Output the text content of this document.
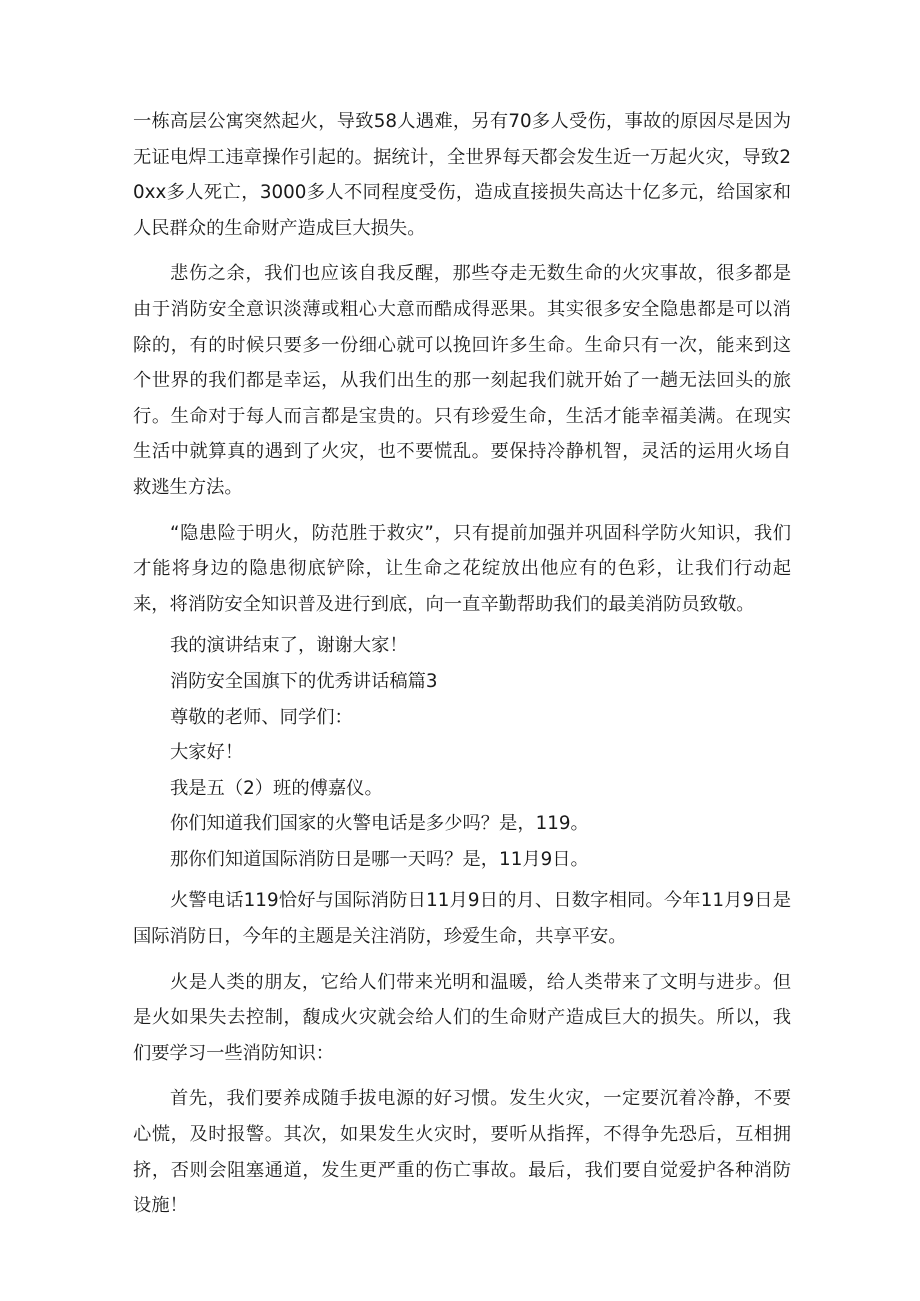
一栋高层公寓突然起火，导致58人遇难，另有70多人受伤，事故的原因尽是因为无证电焊工违章操作引起的。据统计，全世界每天都会发生近一万起火灾，导致20xx多人死亡，3000多人不同程度受伤，造成直接损失高达十亿多元，给国家和人民群众的生命财产造成巨大损失。

悲伤之余，我们也应该自我反醒，那些夺走无数生命的火灾事故，很多都是由于消防安全意识淡薄或粗心大意而酷成得恶果。其实很多安全隐患都是可以消除的，有的时候只要多一份细心就可以挽回许多生命。生命只有一次，能来到这个世界的我们都是幸运，从我们出生的那一刻起我们就开始了一趟无法回头的旅行。生命对于每人而言都是宝贵的。只有珍爱生命，生活才能幸福美满。在现实生活中就算真的遇到了火灾，也不要慌乱。要保持冷静机智，灵活的运用火场自救逃生方法。

“隐患险于明火，防范胜于救灾”，只有提前加强并巩固科学防火知识，我们才能将身边的隐患彻底铲除，让生命之花绽放出他应有的色彩，让我们行动起来，将消防安全知识普及进行到底，向一直辛勤帮助我们的最美消防员致敬。

我的演讲结束了，谢谢大家！

消防安全国旗下的优秀讲话稿篇3

尊敬的老师、同学们：

大家好！

我是五（2）班的傅嘉仪。

你们知道我们国家的火警电话是多少吗？是，119。

那你们知道国际消防日是哪一天吗？是，11月9日。

火警电话119恰好与国际消防日11月9日的月、日数字相同。今年11月9日是国际消防日，今年的主题是关注消防，珍爱生命，共享平安。

火是人类的朋友，它给人们带来光明和温暖，给人类带来了文明与进步。但是火如果失去控制，馥成火灾就会给人们的生命财产造成巨大的损失。所以，我们要学习一些消防知识：

首先，我们要养成随手拔电源的好习惯。发生火灾，一定要沉着冷静，不要心慌，及时报警。其次，如果发生火灾时，要听从指挥，不得争先恐后，互相拥挤，否则会阻塞通道，发生更严重的伤亡事故。最后，我们要自觉爱护各种消防设施！
